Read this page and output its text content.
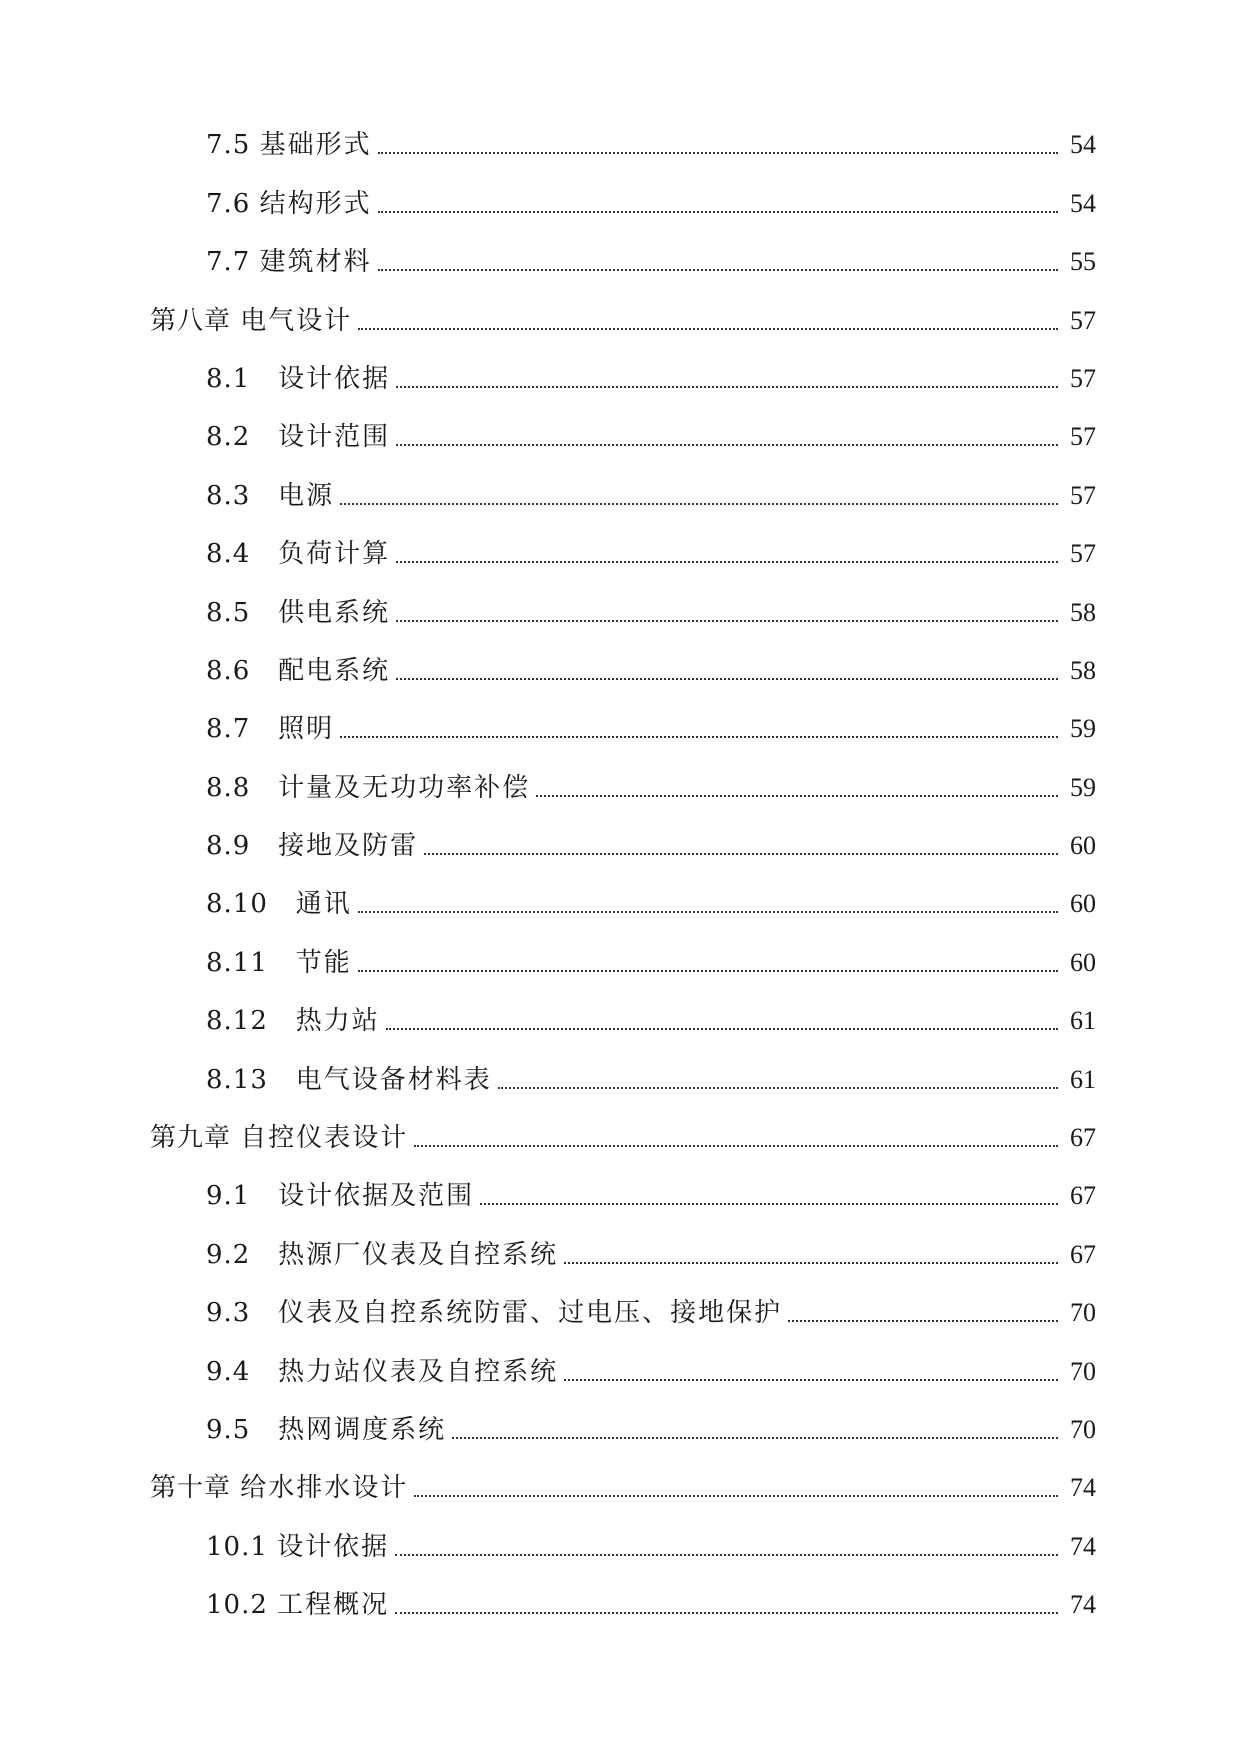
7.5 基础形式	54
7.6 结构形式	54
7.7 建筑材料	55
第八章 电气设计	57
8.1 设计依据	57
8.2 设计范围	57
8.3 电源	57
8.4 负荷计算	57
8.5 供电系统	58
8.6 配电系统	58
8.7 照明	59
8.8 计量及无功功率补偿	59
8.9 接地及防雷	60
8.10 通讯	60
8.11 节能	60
8.12 热力站	61
8.13 电气设备材料表	61
第九章 自控仪表设计	67
9.1 设计依据及范围	67
9.2 热源厂仪表及自控系统	67
9.3 仪表及自控系统防雷、过电压、接地保护	70
9.4 热力站仪表及自控系统	70
9.5 热网调度系统	70
第十章 给水排水设计	74
10.1 设计依据	74
10.2 工程概况	74
